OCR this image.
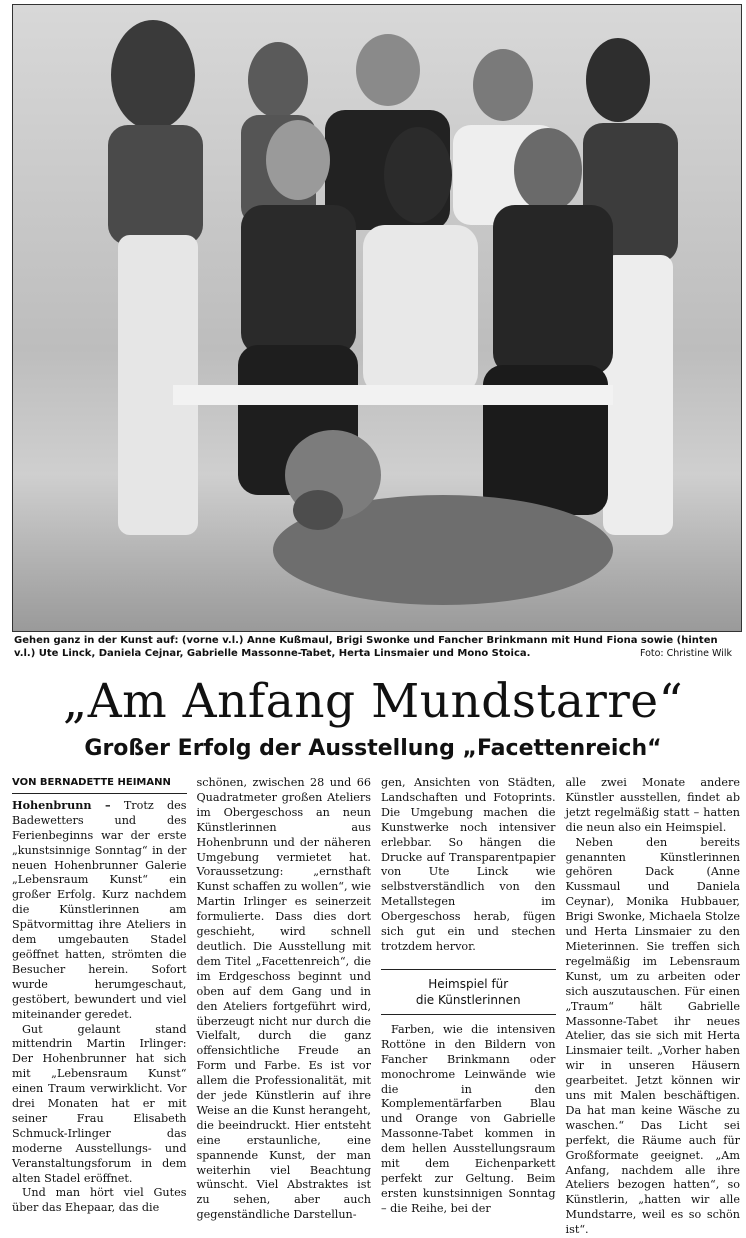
Gehen ganz in der Kunst auf: (vorne v.l.) Anne Kußmaul, Brigi Swonke und Fancher Brinkmann mit Hund Fiona sowie (hinten v.l.) Ute Linck, Daniela Cejnar, Gabrielle Massonne-Tabet, Herta Linsmaier und Mono Stoica.	Foto: Christine Wilk
„Am Anfang Mundstarre“
Großer Erfolg der Ausstellung „Facettenreich“
VON BERNADETTE HEIMANN

Hohenbrunn – Trotz des Badewetters und des Ferienbeginns war der erste „kunstsinnige Sonntag“ in der neuen Hohenbrunner Galerie „Lebensraum Kunst“ ein großer Erfolg. Kurz nachdem die Künstlerinnen am Spätvormittag ihre Ateliers in dem umgebauten Stadel geöffnet hatten, strömten die Besucher herein. Sofort wurde herumgeschaut, gestöbert, bewundert und viel miteinander geredet.

Gut gelaunt stand mittendrin Martin Irlinger: Der Hohenbrunner hat sich mit „Lebensraum Kunst“ einen Traum verwirklicht. Vor drei Monaten hat er mit seiner Frau Elisabeth Schmuck-Irlinger das moderne Ausstellungs- und Veranstaltungsforum in dem alten Stadel eröffnet.

Und man hört viel Gutes über das Ehepaar, das die

schönen, zwischen 28 und 66 Quadratmeter großen Ateliers im Obergeschoss an neun Künstlerinnen aus Hohenbrunn und der näheren Umgebung vermietet hat. Voraussetzung: „ernsthaft Kunst schaffen zu wollen“, wie Martin Irlinger es seinerzeit formulierte. Dass dies dort geschieht, wird schnell deutlich. Die Ausstellung mit dem Titel „Facettenreich“, die im Erdgeschoss beginnt und oben auf dem Gang und in den Ateliers fortgeführt wird, überzeugt nicht nur durch die Vielfalt, durch die ganz offensichtliche Freude an Form und Farbe. Es ist vor allem die Professionalität, mit der jede Künstlerin auf ihre Weise an die Kunst herangeht, die beeindruckt. Hier entsteht eine erstaunliche, eine spannende Kunst, der man weiterhin viel Beachtung wünscht. Viel Abstraktes ist zu sehen, aber auch gegenständliche Darstellun-

gen, Ansichten von Städten, Landschaften und Fotoprints. Die Umgebung machen die Kunstwerke noch intensiver erlebbar. So hängen die Drucke auf Transparentpapier von Ute Linck wie selbstverständlich von den Metallstegen im Obergeschoss herab, fügen sich gut ein und stechen trotzdem hervor.

Heimspiel für
die Künstlerinnen

Farben, wie die intensiven Rottöne in den Bildern von Fancher Brinkmann oder monochrome Leinwände wie die in den Komplementärfarben Blau und Orange von Gabrielle Massonne-Tabet kommen in dem hellen Ausstellungsraum mit dem Eichenparkett perfekt zur Geltung. Beim ersten kunstsinnigen Sonntag – die Reihe, bei der

alle zwei Monate andere Künstler ausstellen, findet ab jetzt regelmäßig statt – hatten die neun also ein Heimspiel.

Neben den bereits genannten Künstlerinnen gehören Dack (Anne Kussmaul und Daniela Ceynar), Monika Hubbauer, Brigi Swonke, Michaela Stolze und Herta Linsmaier zu den Mieterinnen. Sie treffen sich regelmäßig im Lebensraum Kunst, um zu arbeiten oder sich auszutauschen. Für einen „Traum“ hält Gabrielle Massonne-Tabet ihr neues Atelier, das sie sich mit Herta Linsmaier teilt. „Vorher haben wir in unseren Häusern gearbeitet. Jetzt können wir uns mit Malen beschäftigen. Da hat man keine Wäsche zu waschen.“ Das Licht sei perfekt, die Räume auch für Großformate geeignet. „Am Anfang, nachdem alle ihre Ateliers bezogen hatten“, so Künstlerin, „hatten wir alle Mundstarre, weil es so schön ist“.
